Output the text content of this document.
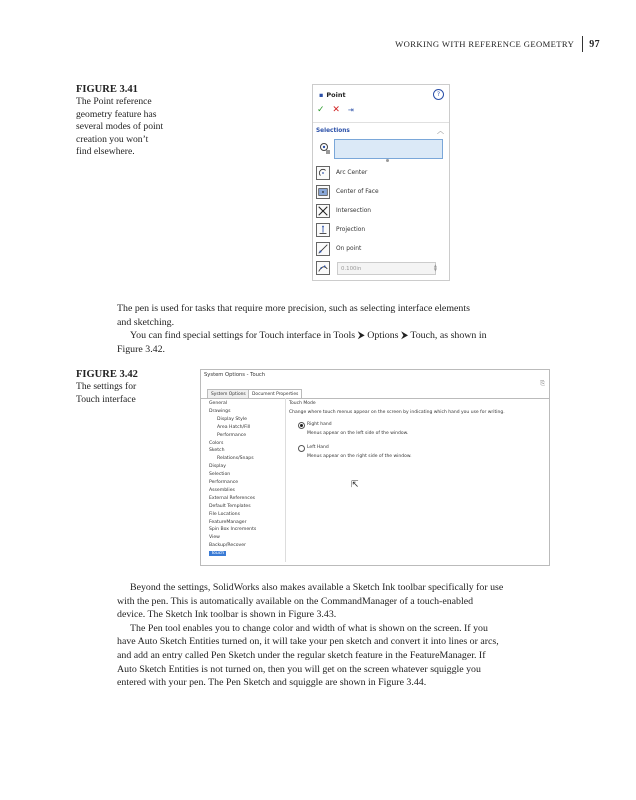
WORKING WITH REFERENCE GEOMETRY 97
FIGURE 3.41
The Point reference
geometry feature has
several modes of point
creation you won’t
find elsewhere.
▪ Point	?
✓ ✕ ⇥
Selections	︿
Arc Center
Center of Face
Intersection
Projection
On point
0.100in
▲
▼
The pen is used for tasks that require more precision, such as selecting interface elements
and sketching.
You can find special settings for Touch interface in Tools ⮞ Options ⮞ Touch, as shown in
Figure 3.42.
FIGURE 3.42
The settings for
Touch interface
System Options - Touch
⎘
System Options	Document Properties
General
Drawings
Display Style
Area Hatch/Fill
Performance
Colors
Sketch
Relations/Snaps
Display
Selection
Performance
Assemblies
External References
Default Templates
File Locations
FeatureManager
Spin Box Increments
View
Backup/Recover
Touch
Touch Mode
Change where touch menus appear on the screen by indicating which hand you use for writing.
Right hand
Menus appear on the left side of the window.
Left Hand
Menus appear on the right side of the window.
⇱
Beyond the settings, SolidWorks also makes available a Sketch Ink toolbar specifically for use
with the pen. This is automatically available on the CommandManager of a touch-enabled
device. The Sketch Ink toolbar is shown in Figure 3.43.
The Pen tool enables you to change color and width of what is shown on the screen. If you
have Auto Sketch Entities turned on, it will take your pen sketch and convert it into lines or arcs,
and add an entry called Pen Sketch under the regular sketch feature in the FeatureManager. If
Auto Sketch Entities is not turned on, then you will get on the screen whatever squiggle you
entered with your pen. The Pen Sketch and squiggle are shown in Figure 3.44.
